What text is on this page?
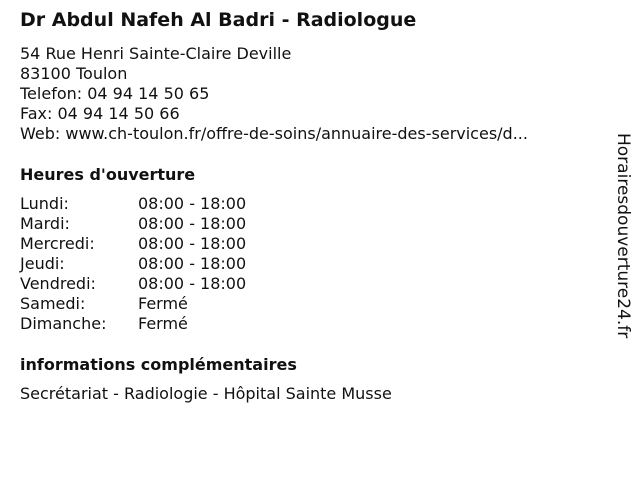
Dr Abdul Nafeh Al Badri - Radiologue
54 Rue Henri Sainte-Claire Deville
83100 Toulon
Telefon: 04 94 14 50 65
Fax: 04 94 14 50 66
Web: www.ch-toulon.fr/offre-de-soins/annuaire-des-services/d...
Heures d'ouverture
Lundi:	08:00 - 18:00
Mardi:	08:00 - 18:00
Mercredi:	08:00 - 18:00
Jeudi:	08:00 - 18:00
Vendredi:	08:00 - 18:00
Samedi:	Fermé
Dimanche:	Fermé
informations complémentaires
Secrétariat - Radiologie - Hôpital Sainte Musse
Horairesdouverture24.fr
